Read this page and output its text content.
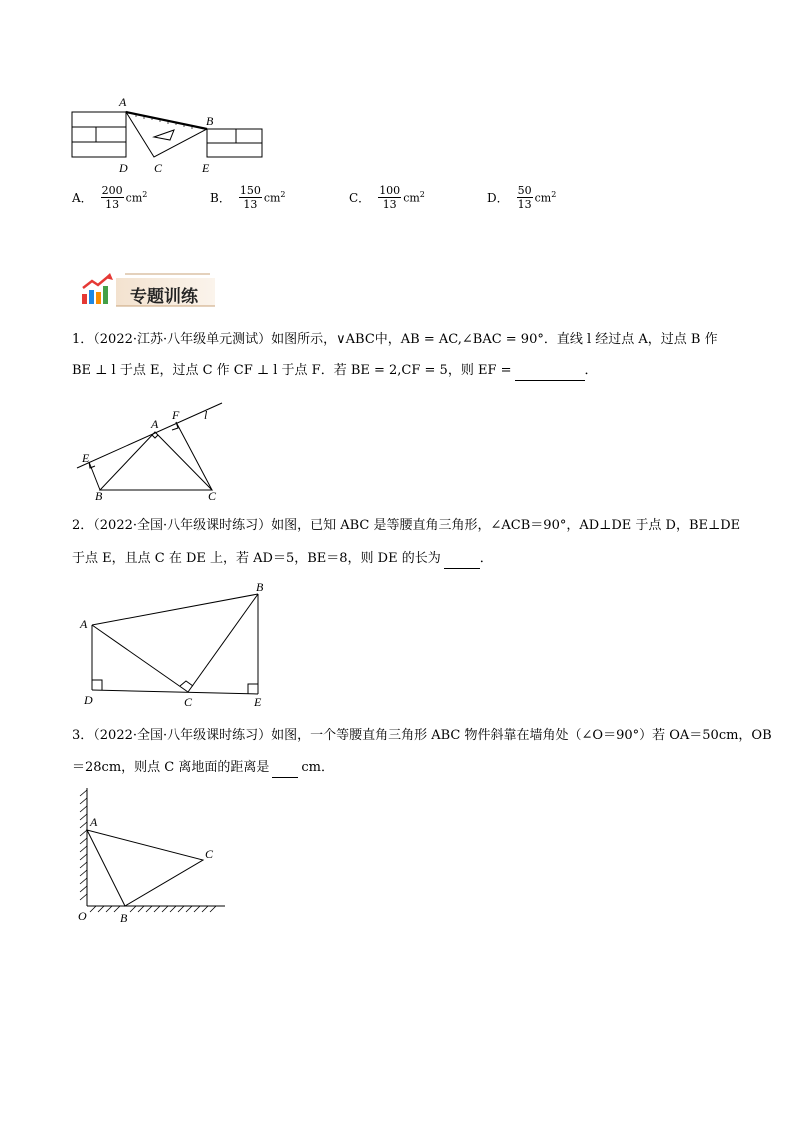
A
B
C
D	E
A． $\frac{200}{13} cm^2$	B． $\frac{150}{13} cm^2$	C． $\frac{100}{13} cm^2$	D． $\frac{50}{13} cm^2$
专题训练
1．（2022·江苏·八年级单元测试）如图所示，∨ABC中，AB = AC,∠BAC = 90°．直线 l 经过点 A，过点 B 作
BE ⊥ l 于点 E，过点 C 作 CF ⊥ l 于点 F．若 BE = 2,CF = 5，则 EF =	．
A
F l
E
B	C
2．（2022·全国·八年级课时练习）如图，已知 ABC 是等腰直角三角形，∠ACB＝90°，AD⊥DE 于点 D，BE⊥DE
于点 E，且点 C 在 DE 上，若 AD＝5，BE＝8，则 DE 的长为	．
A
B
C
D	E
3．（2022·全国·八年级课时练习）如图，一个等腰直角三角形 ABC 物件斜靠在墙角处（∠O＝90°）若 OA＝50cm，OB
＝28cm，则点 C 离地面的距离是 cm．
A
B
C
O
